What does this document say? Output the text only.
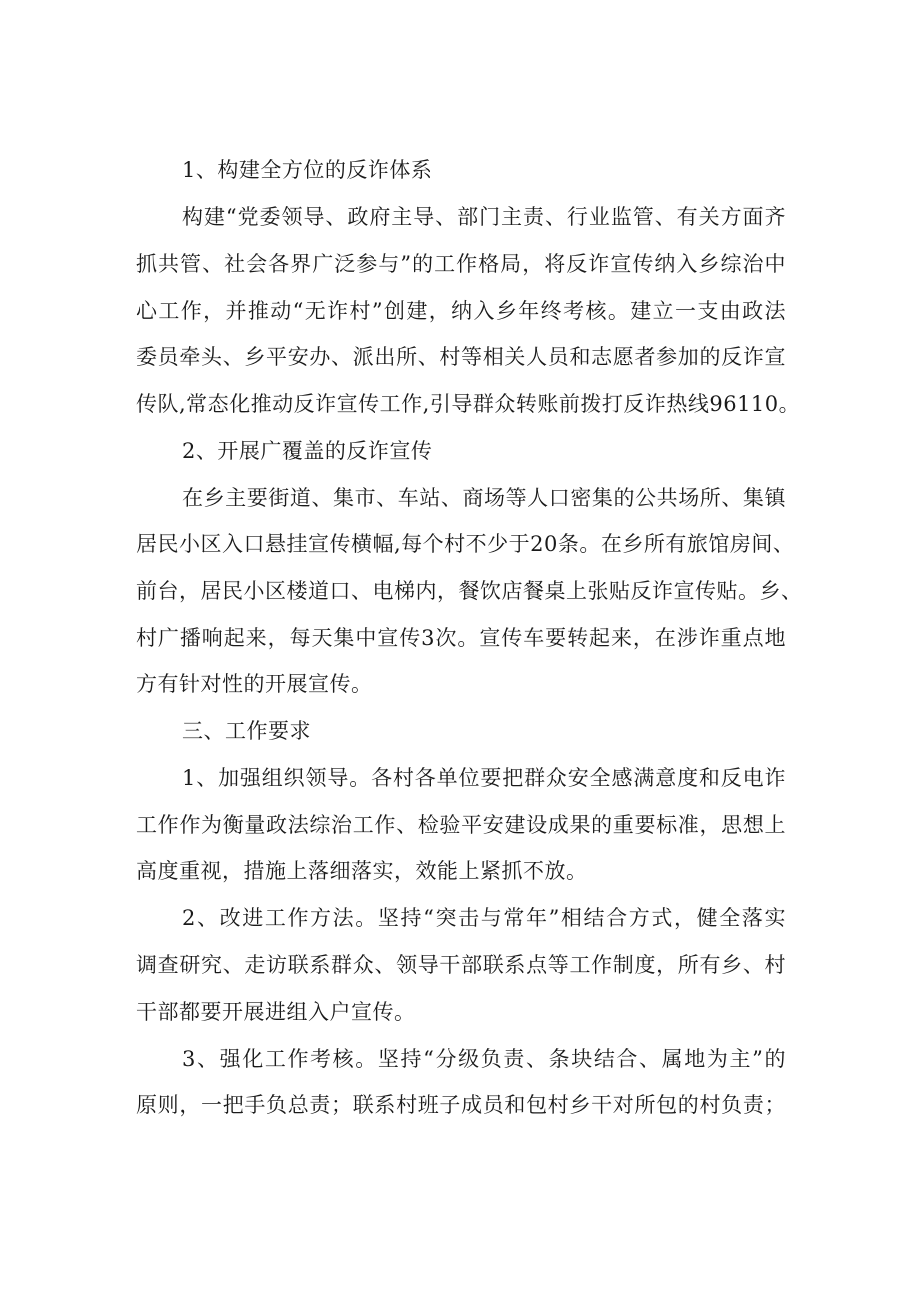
1、构建全方位的反诈体系
构建“党委领导、政府主导、部门主责、行业监管、有关方面齐
抓共管、社会各界广泛参与”的工作格局，将反诈宣传纳入乡综治中
心工作，并推动“无诈村”创建，纳入乡年终考核。建立一支由政法
委员牵头、乡平安办、派出所、村等相关人员和志愿者参加的反诈宣
传队,常态化推动反诈宣传工作,引导群众转账前拨打反诈热线96110。
2、开展广覆盖的反诈宣传
在乡主要街道、集市、车站、商场等人口密集的公共场所、集镇
居民小区入口悬挂宣传横幅,每个村不少于20条。在乡所有旅馆房间、
前台，居民小区楼道口、电梯内，餐饮店餐桌上张贴反诈宣传贴。乡、
村广播响起来，每天集中宣传3次。宣传车要转起来，在涉诈重点地
方有针对性的开展宣传。
三、工作要求
1、加强组织领导。各村各单位要把群众安全感满意度和反电诈
工作作为衡量政法综治工作、检验平安建设成果的重要标准，思想上
高度重视，措施上落细落实，效能上紧抓不放。
2、改进工作方法。坚持“突击与常年”相结合方式，健全落实
调查研究、走访联系群众、领导干部联系点等工作制度，所有乡、村
干部都要开展进组入户宣传。
3、强化工作考核。坚持“分级负责、条块结合、属地为主”的
原则，一把手负总责；联系村班子成员和包村乡干对所包的村负责；
